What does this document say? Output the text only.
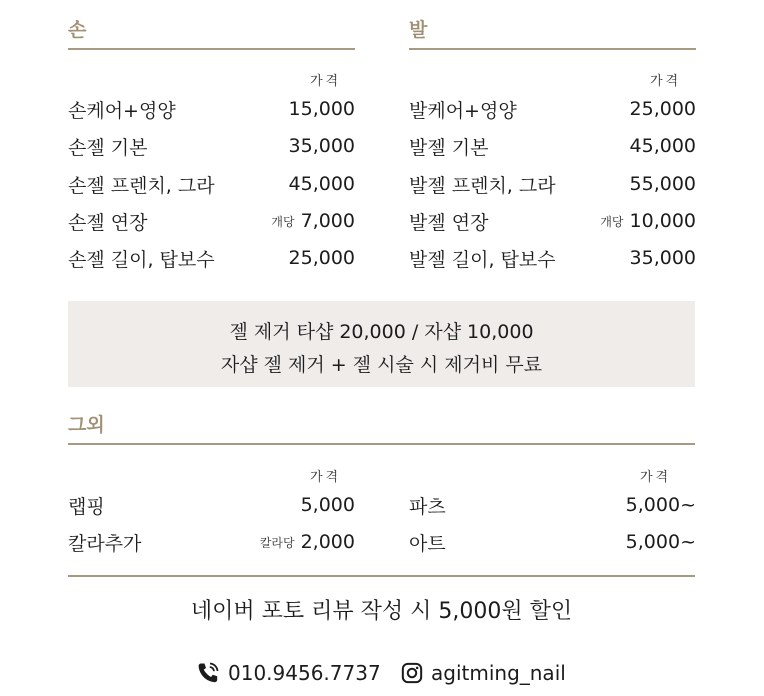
손
가격
손케어+영양	15,000
손젤 기본	35,000
손젤 프렌치, 그라	45,000
손젤 연장	개당 7,000
손젤 길이, 탑보수	25,000
발
가격
발케어+영양	25,000
발젤 기본	45,000
발젤 프렌치, 그라	55,000
발젤 연장	개당 10,000
발젤 길이, 탑보수	35,000
젤 제거 타샵 20,000 / 자샵 10,000
자샵 젤 제거 + 젤 시술 시 제거비 무료
그외
가격	가격
랩핑	5,000
칼라추가	칼라당 2,000
파츠	5,000~
아트	5,000~
네이버 포토 리뷰 작성 시 5,000원 할인
010.9456.7737	agitming_nail
